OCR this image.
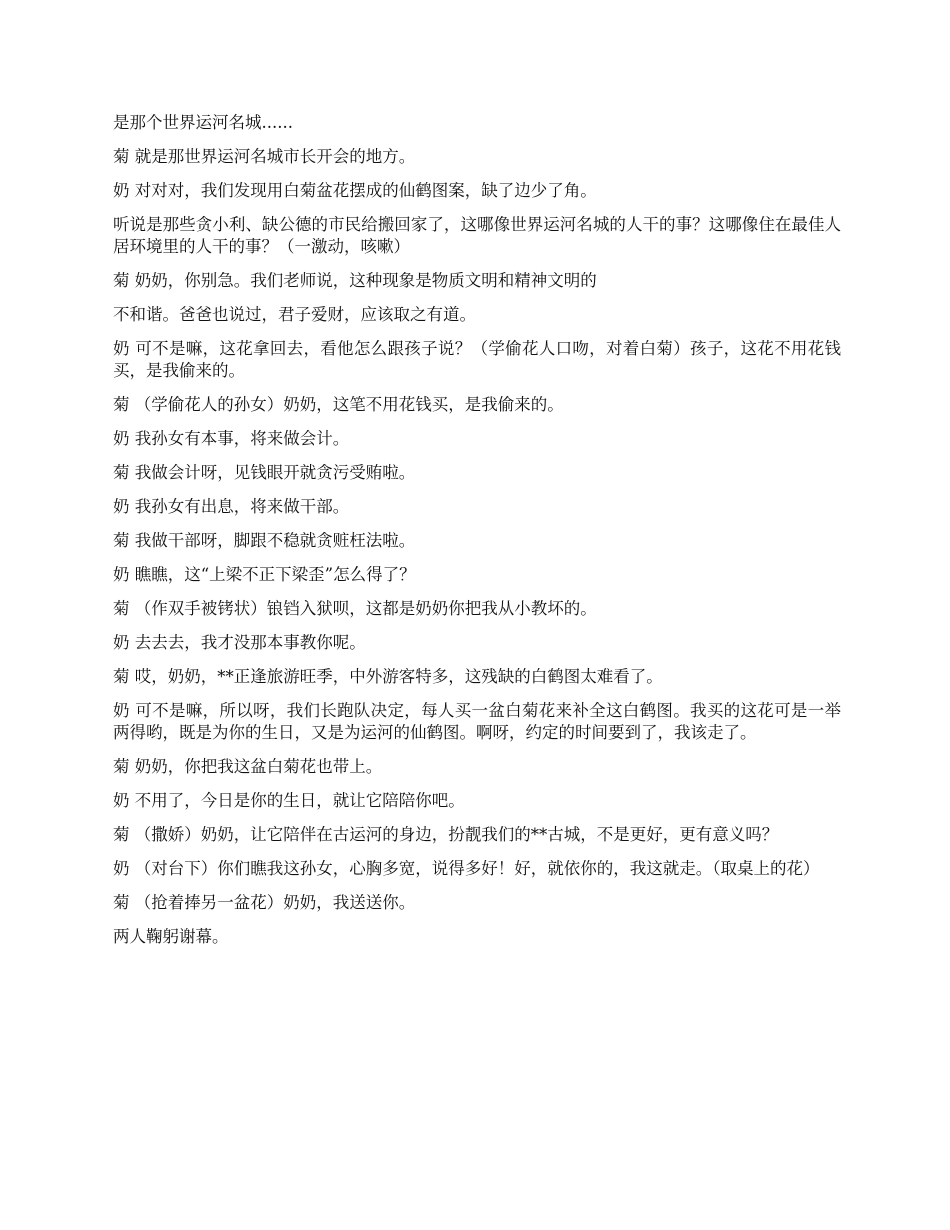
是那个世界运河名城......

菊 就是那世界运河名城市长开会的地方。

奶 对对对，我们发现用白菊盆花摆成的仙鹤图案，缺了边少了角。

听说是那些贪小利、缺公德的市民给搬回家了，这哪像世界运河名城的人干的事？这哪像住在最佳人居环境里的人干的事？（一激动，咳嗽）

菊 奶奶，你别急。我们老师说，这种现象是物质文明和精神文明的

不和谐。爸爸也说过，君子爱财，应该取之有道。

奶 可不是嘛，这花拿回去，看他怎么跟孩子说？（学偷花人口吻，对着白菊）孩子，这花不用花钱买，是我偷来的。

菊 （学偷花人的孙女）奶奶，这笔不用花钱买，是我偷来的。

奶 我孙女有本事，将来做会计。

菊 我做会计呀，见钱眼开就贪污受贿啦。

奶 我孙女有出息，将来做干部。

菊 我做干部呀，脚跟不稳就贪赃枉法啦。

奶 瞧瞧，这“上梁不正下梁歪”怎么得了？

菊 （作双手被铐状）锒铛入狱呗，这都是奶奶你把我从小教坏的。

奶 去去去，我才没那本事教你呢。

菊 哎，奶奶，**正逢旅游旺季，中外游客特多，这残缺的白鹤图太难看了。

奶 可不是嘛，所以呀，我们长跑队决定，每人买一盆白菊花来补全这白鹤图。我买的这花可是一举两得哟，既是为你的生日，又是为运河的仙鹤图。啊呀，约定的时间要到了，我该走了。

菊 奶奶，你把我这盆白菊花也带上。

奶 不用了，今日是你的生日，就让它陪陪你吧。

菊 （撒娇）奶奶，让它陪伴在古运河的身边，扮靓我们的**古城，不是更好，更有意义吗？

奶 （对台下）你们瞧我这孙女，心胸多宽，说得多好！好，就依你的，我这就走。（取桌上的花）

菊 （抢着捧另一盆花）奶奶，我送送你。

两人鞠躬谢幕。
